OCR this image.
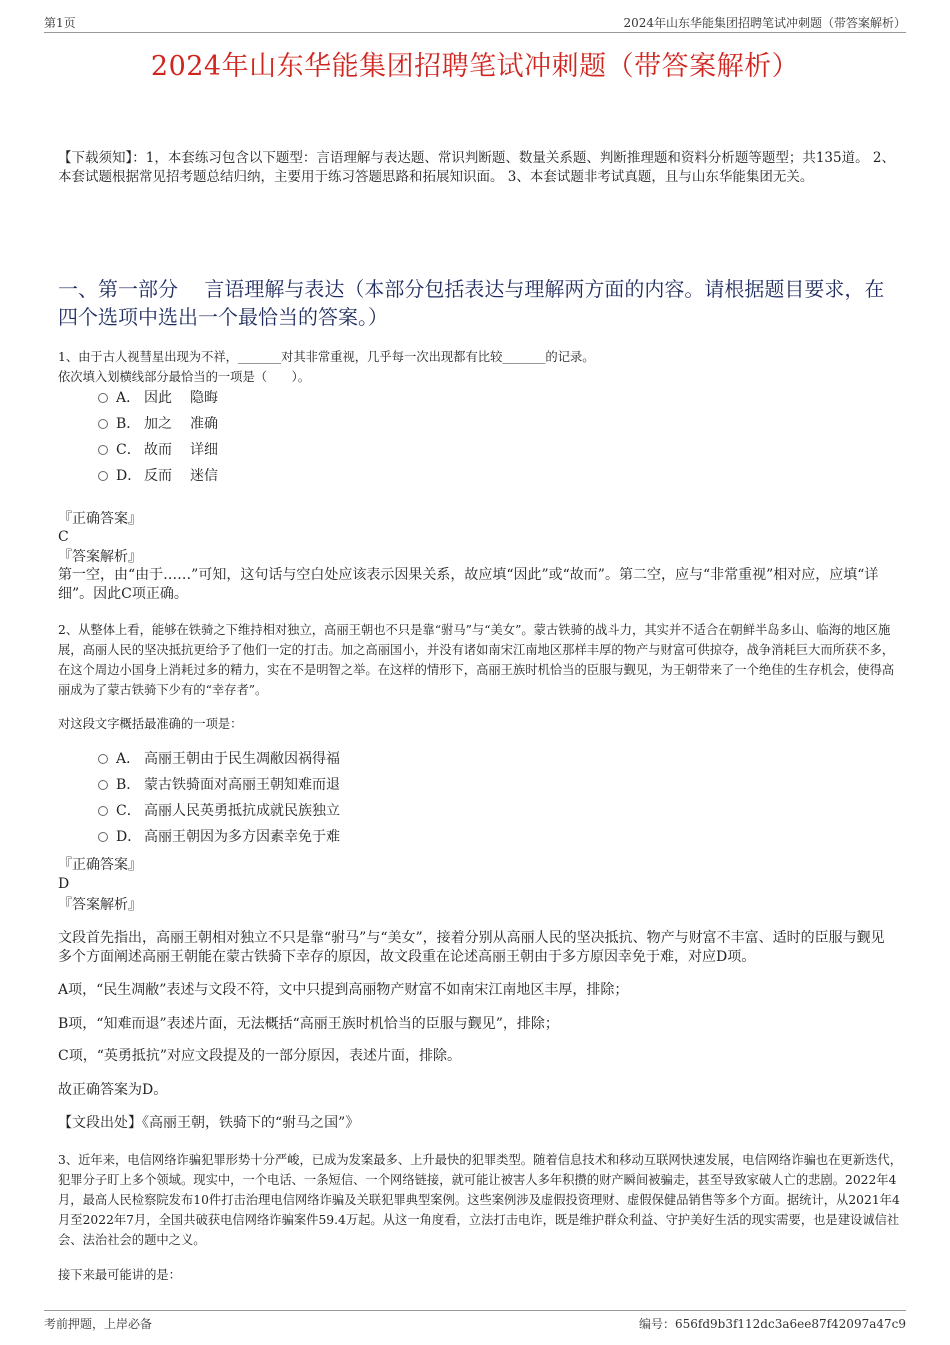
第1页	2024年山东华能集团招聘笔试冲刺题（带答案解析）
2024年山东华能集团招聘笔试冲刺题（带答案解析）
【下载须知】：1，本套练习包含以下题型：言语理解与表达题、常识判断题、数量关系题、判断推理题和资料分析题等题型；共135道。 2、本套试题根据常见招考题总结归纳，主要用于练习答题思路和拓展知识面。 3、本套试题非考试真题，且与山东华能集团无关。
一、第一部分　 言语理解与表达（本部分包括表达与理解两方面的内容。请根据题目要求，在四个选项中选出一个最恰当的答案。）
1、由于古人视彗星出现为不祥，_______对其非常重视，几乎每一次出现都有比较_______的记录。
依次填入划横线部分最恰当的一项是（　　）。
A． 因此 隐晦
B． 加之 准确
C． 故而 详细
D． 反而 迷信
『正确答案』
C
『答案解析』
第一空，由“由于……”可知，这句话与空白处应该表示因果关系，故应填“因此”或“故而”。第二空，应与“非常重视”相对应，应填“详细”。因此C项正确。
2、从整体上看，能够在铁骑之下维持相对独立，高丽王朝也不只是靠“驸马”与“美女”。蒙古铁骑的战斗力，其实并不适合在朝鲜半岛多山、临海的地区施展，高丽人民的坚决抵抗更给予了他们一定的打击。加之高丽国小，并没有诸如南宋江南地区那样丰厚的物产与财富可供掠夺，战争消耗巨大而所获不多，在这个周边小国身上消耗过多的精力，实在不是明智之举。在这样的情形下，高丽王族时机恰当的臣服与觐见，为王朝带来了一个绝佳的生存机会，使得高丽成为了蒙古铁骑下少有的“幸存者”。
对这段文字概括最准确的一项是：
A． 高丽王朝由于民生凋敝因祸得福
B． 蒙古铁骑面对高丽王朝知难而退
C． 高丽人民英勇抵抗成就民族独立
D． 高丽王朝因为多方因素幸免于难
『正确答案』
D
『答案解析』
文段首先指出，高丽王朝相对独立不只是靠“驸马”与“美女”，接着分别从高丽人民的坚决抵抗、物产与财富不丰富、适时的臣服与觐见多个方面阐述高丽王朝能在蒙古铁骑下幸存的原因，故文段重在论述高丽王朝由于多方原因幸免于难，对应D项。
A项，“民生凋敝”表述与文段不符，文中只提到高丽物产财富不如南宋江南地区丰厚，排除；
B项，“知难而退”表述片面，无法概括“高丽王族时机恰当的臣服与觐见”，排除；
C项，“英勇抵抗”对应文段提及的一部分原因，表述片面，排除。
故正确答案为D。
【文段出处】《高丽王朝，铁骑下的“驸马之国”》
3、近年来，电信网络诈骗犯罪形势十分严峻，已成为发案最多、上升最快的犯罪类型。随着信息技术和移动互联网快速发展，电信网络诈骗也在更新迭代，犯罪分子盯上多个领域。现实中，一个电话、一条短信、一个网络链接，就可能让被害人多年积攒的财产瞬间被骗走，甚至导致家破人亡的悲剧。2022年4月，最高人民检察院发布10件打击治理电信网络诈骗及关联犯罪典型案例。这些案例涉及虚假投资理财、虚假保健品销售等多个方面。据统计，从2021年4月至2022年7月，全国共破获电信网络诈骗案件59.4万起。从这一角度看，立法打击电诈，既是维护群众利益、守护美好生活的现实需要，也是建设诚信社会、法治社会的题中之义。
接下来最可能讲的是：
考前押题，上岸必备	编号：656fd9b3f112dc3a6ee87f42097a47c9
